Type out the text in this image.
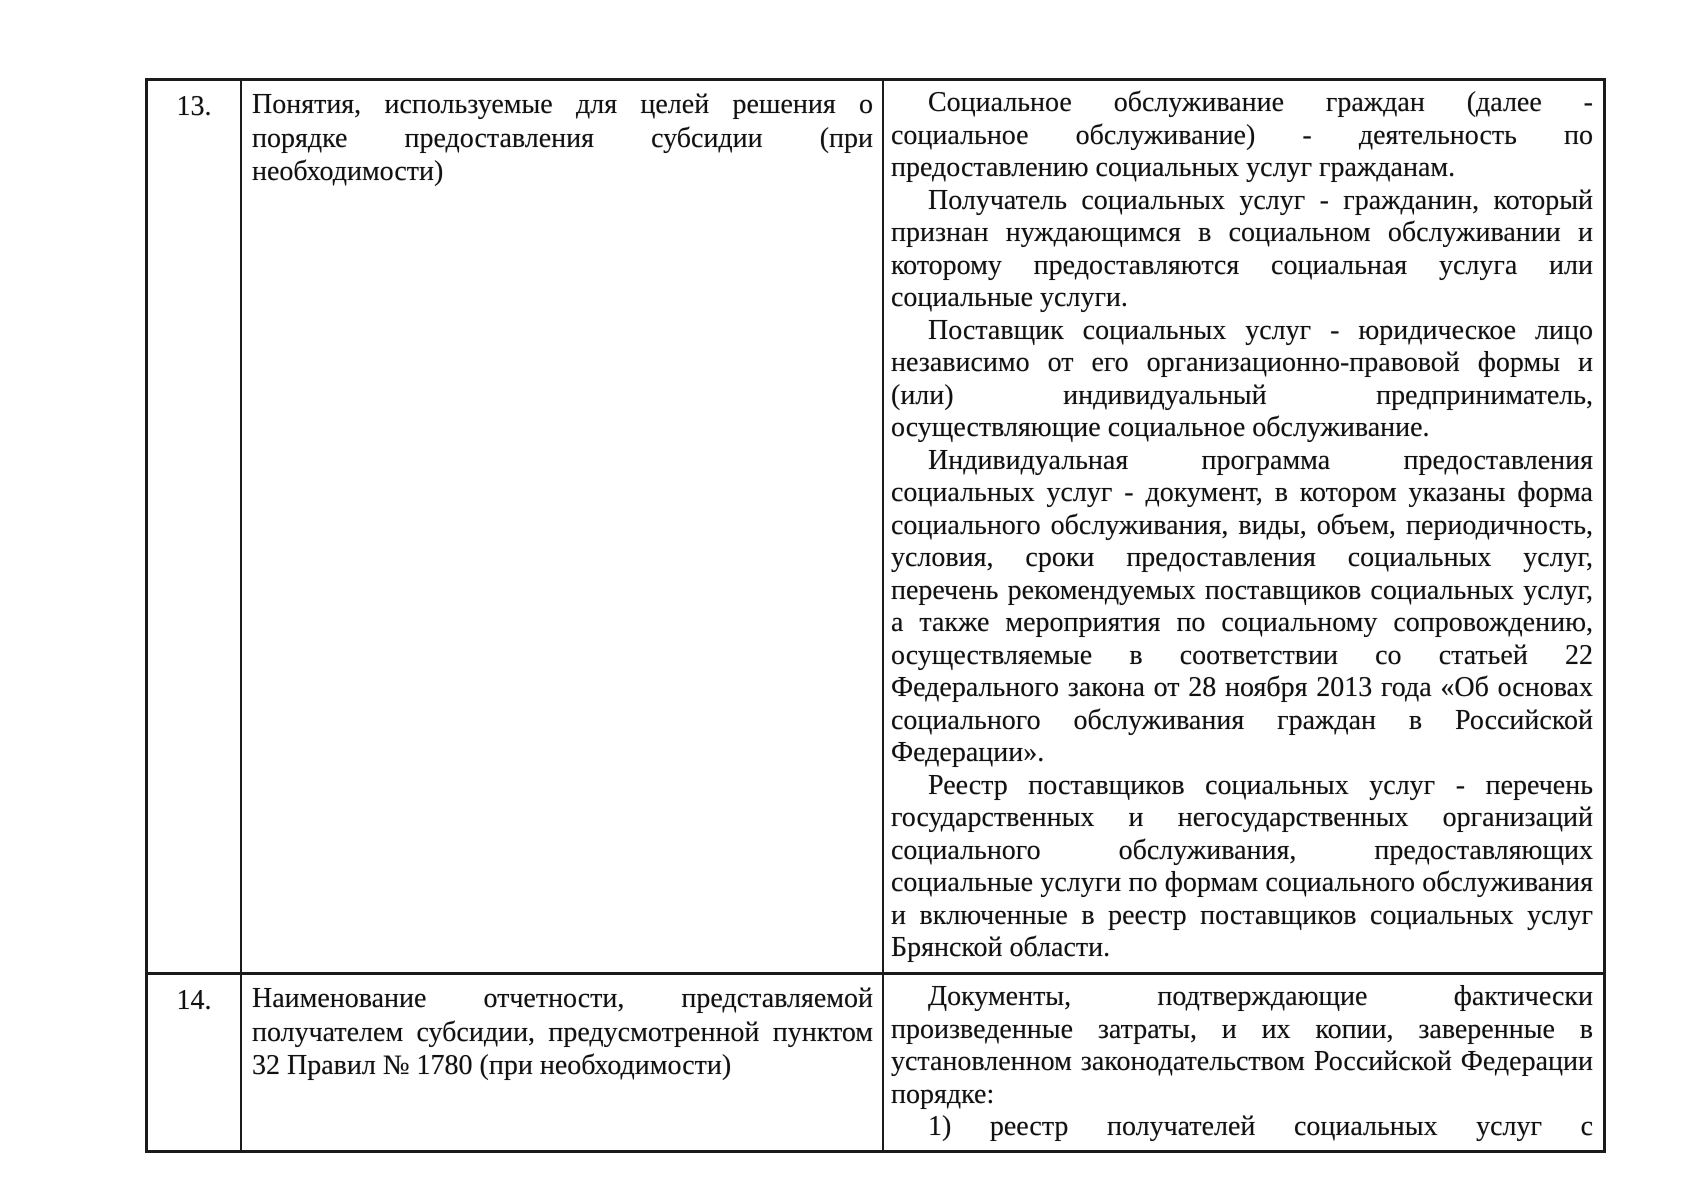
13.	Понятия, используемые для целей решения о порядке предоставления субсидии (при необходимости)

Социальное обслуживание граждан (далее - социальное обслуживание) - деятельность по предоставлению социальных услуг гражданам.

Получатель социальных услуг - гражданин, который признан нуждающимся в социальном обслуживании и которому предоставляются социальная услуга или социальные услуги.

Поставщик социальных услуг - юридическое лицо независимо от его организационно-правовой формы и (или) индивидуальный предприниматель, осуществляющие социальное обслуживание.

Индивидуальная программа предоставления социальных услуг - документ, в котором указаны форма социального обслуживания, виды, объем, периодичность, условия, сроки предоставления социальных услуг, перечень рекомендуемых поставщиков социальных услуг, а также мероприятия по социальному сопровождению, осуществляемые в соответствии со статьей 22 Федерального закона от 28 ноября 2013 года «Об основах социального обслуживания граждан в Российской Федерации».

Реестр поставщиков социальных услуг - перечень государственных и негосударственных организаций социального обслуживания, предоставляющих социальные услуги по формам социального обслуживания и включенные в реестр поставщиков социальных услуг Брянской области.

14.	Наименование отчетности, представляемой получателем субсидии, предусмотренной пунктом 32 Правил № 1780 (при необходимости)

Документы, подтверждающие фактически произведенные затраты, и их копии, заверенные в установленном законодательством Российской Федерации порядке:

1) реестр получателей социальных услуг с
